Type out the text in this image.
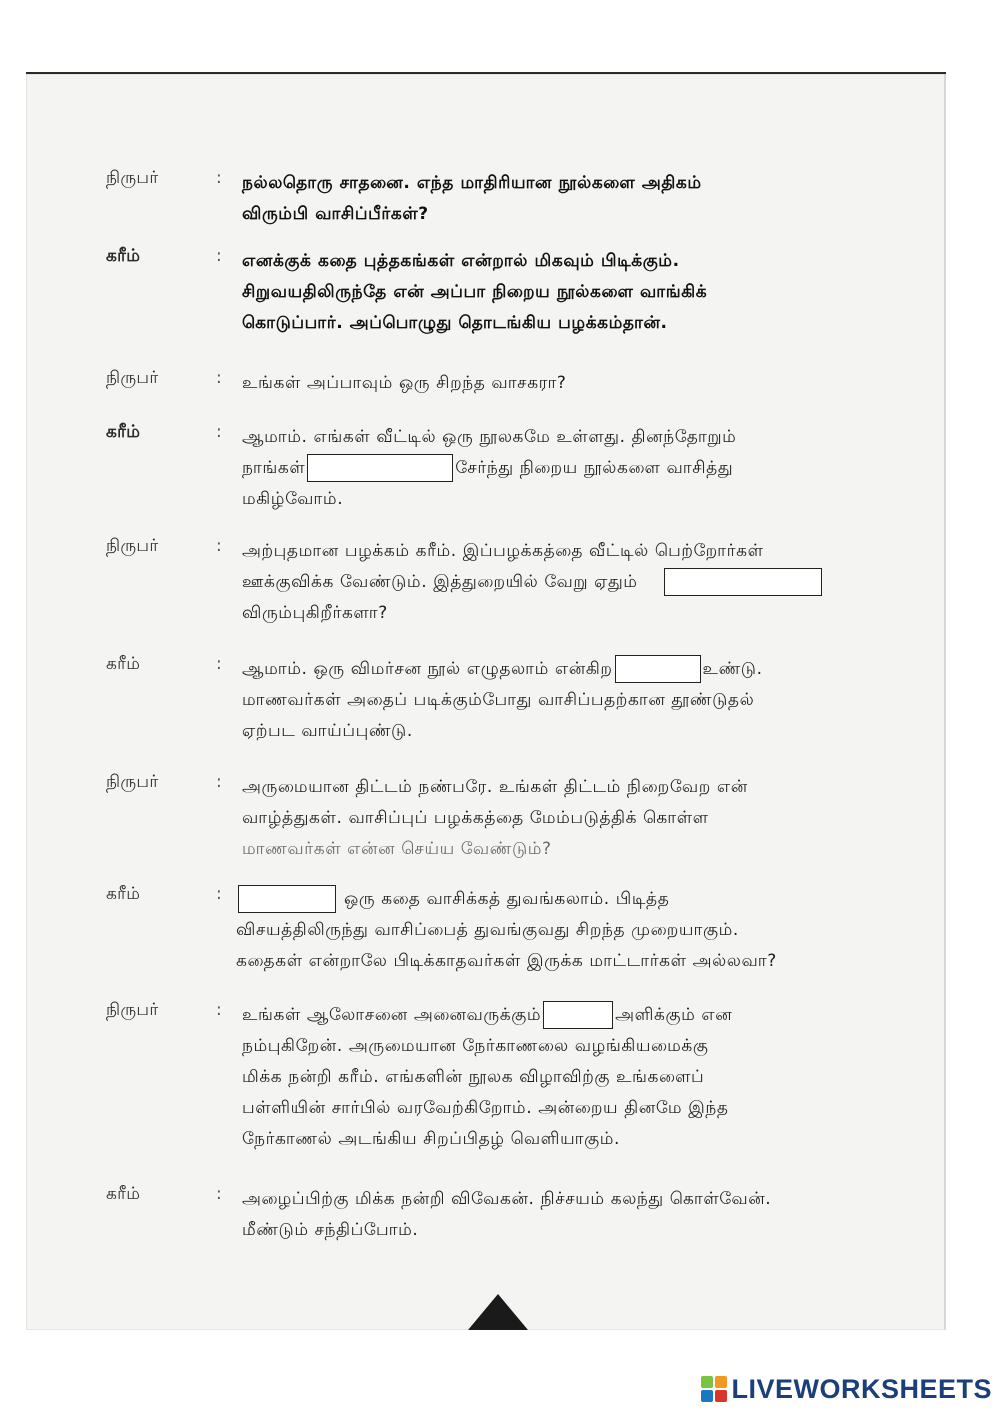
நிருபர்	: நல்லதொரு சாதனை. எந்த மாதிரியான நூல்களை அதிகம்
விரும்பி வாசிப்பீர்கள்?
கரீம்	: எனக்குக் கதை புத்தகங்கள் என்றால் மிகவும் பிடிக்கும்.
சிறுவயதிலிருந்தே என் அப்பா நிறைய நூல்களை வாங்கிக்
கொடுப்பார். அப்பொழுது தொடங்கிய பழக்கம்தான்.
நிருபர்	: உங்கள் அப்பாவும் ஒரு சிறந்த வாசகரா?
கரீம்	: ஆமாம். எங்கள் வீட்டில் ஒரு நூலகமே உள்ளது. தினந்தோறும்
நாங்கள்	சேர்ந்து நிறைய நூல்களை வாசித்து
மகிழ்வோம்.
நிருபர்	: அற்புதமான பழக்கம் கரீம். இப்பழக்கத்தை வீட்டில் பெற்றோர்கள்
ஊக்குவிக்க வேண்டும். இத்துறையில் வேறு ஏதும்
விரும்புகிறீர்களா?
கரீம்	: ஆமாம். ஒரு விமர்சன நூல் எழுதலாம் என்கிற	உண்டு.
மாணவர்கள் அதைப் படிக்கும்போது வாசிப்பதற்கான தூண்டுதல்
ஏற்பட வாய்ப்புண்டு.
நிருபர்	: அருமையான திட்டம் நண்பரே. உங்கள் திட்டம் நிறைவேற என்
வாழ்த்துகள். வாசிப்புப் பழக்கத்தை மேம்படுத்திக் கொள்ள
மாணவர்கள் என்ன செய்ய வேண்டும்?
கரீம்	:	ஒரு கதை வாசிக்கத் துவங்கலாம். பிடித்த
விசயத்திலிருந்து வாசிப்பைத் துவங்குவது சிறந்த முறையாகும்.
கதைகள் என்றாலே பிடிக்காதவர்கள் இருக்க மாட்டார்கள் அல்லவா?
நிருபர்	: உங்கள் ஆலோசனை அனைவருக்கும்	அளிக்கும் என
நம்புகிறேன். அருமையான நேர்காணலை வழங்கியமைக்கு
மிக்க நன்றி கரீம். எங்களின் நூலக விழாவிற்கு உங்களைப்
பள்ளியின் சார்பில் வரவேற்கிறோம். அன்றைய தினமே இந்த
நேர்காணல் அடங்கிய சிறப்பிதழ் வெளியாகும்.
கரீம்	: அழைப்பிற்கு மிக்க நன்றி விவேகன். நிச்சயம் கலந்து கொள்வேன்.
மீண்டும் சந்திப்போம்.
LIVEWORKSHEETS
